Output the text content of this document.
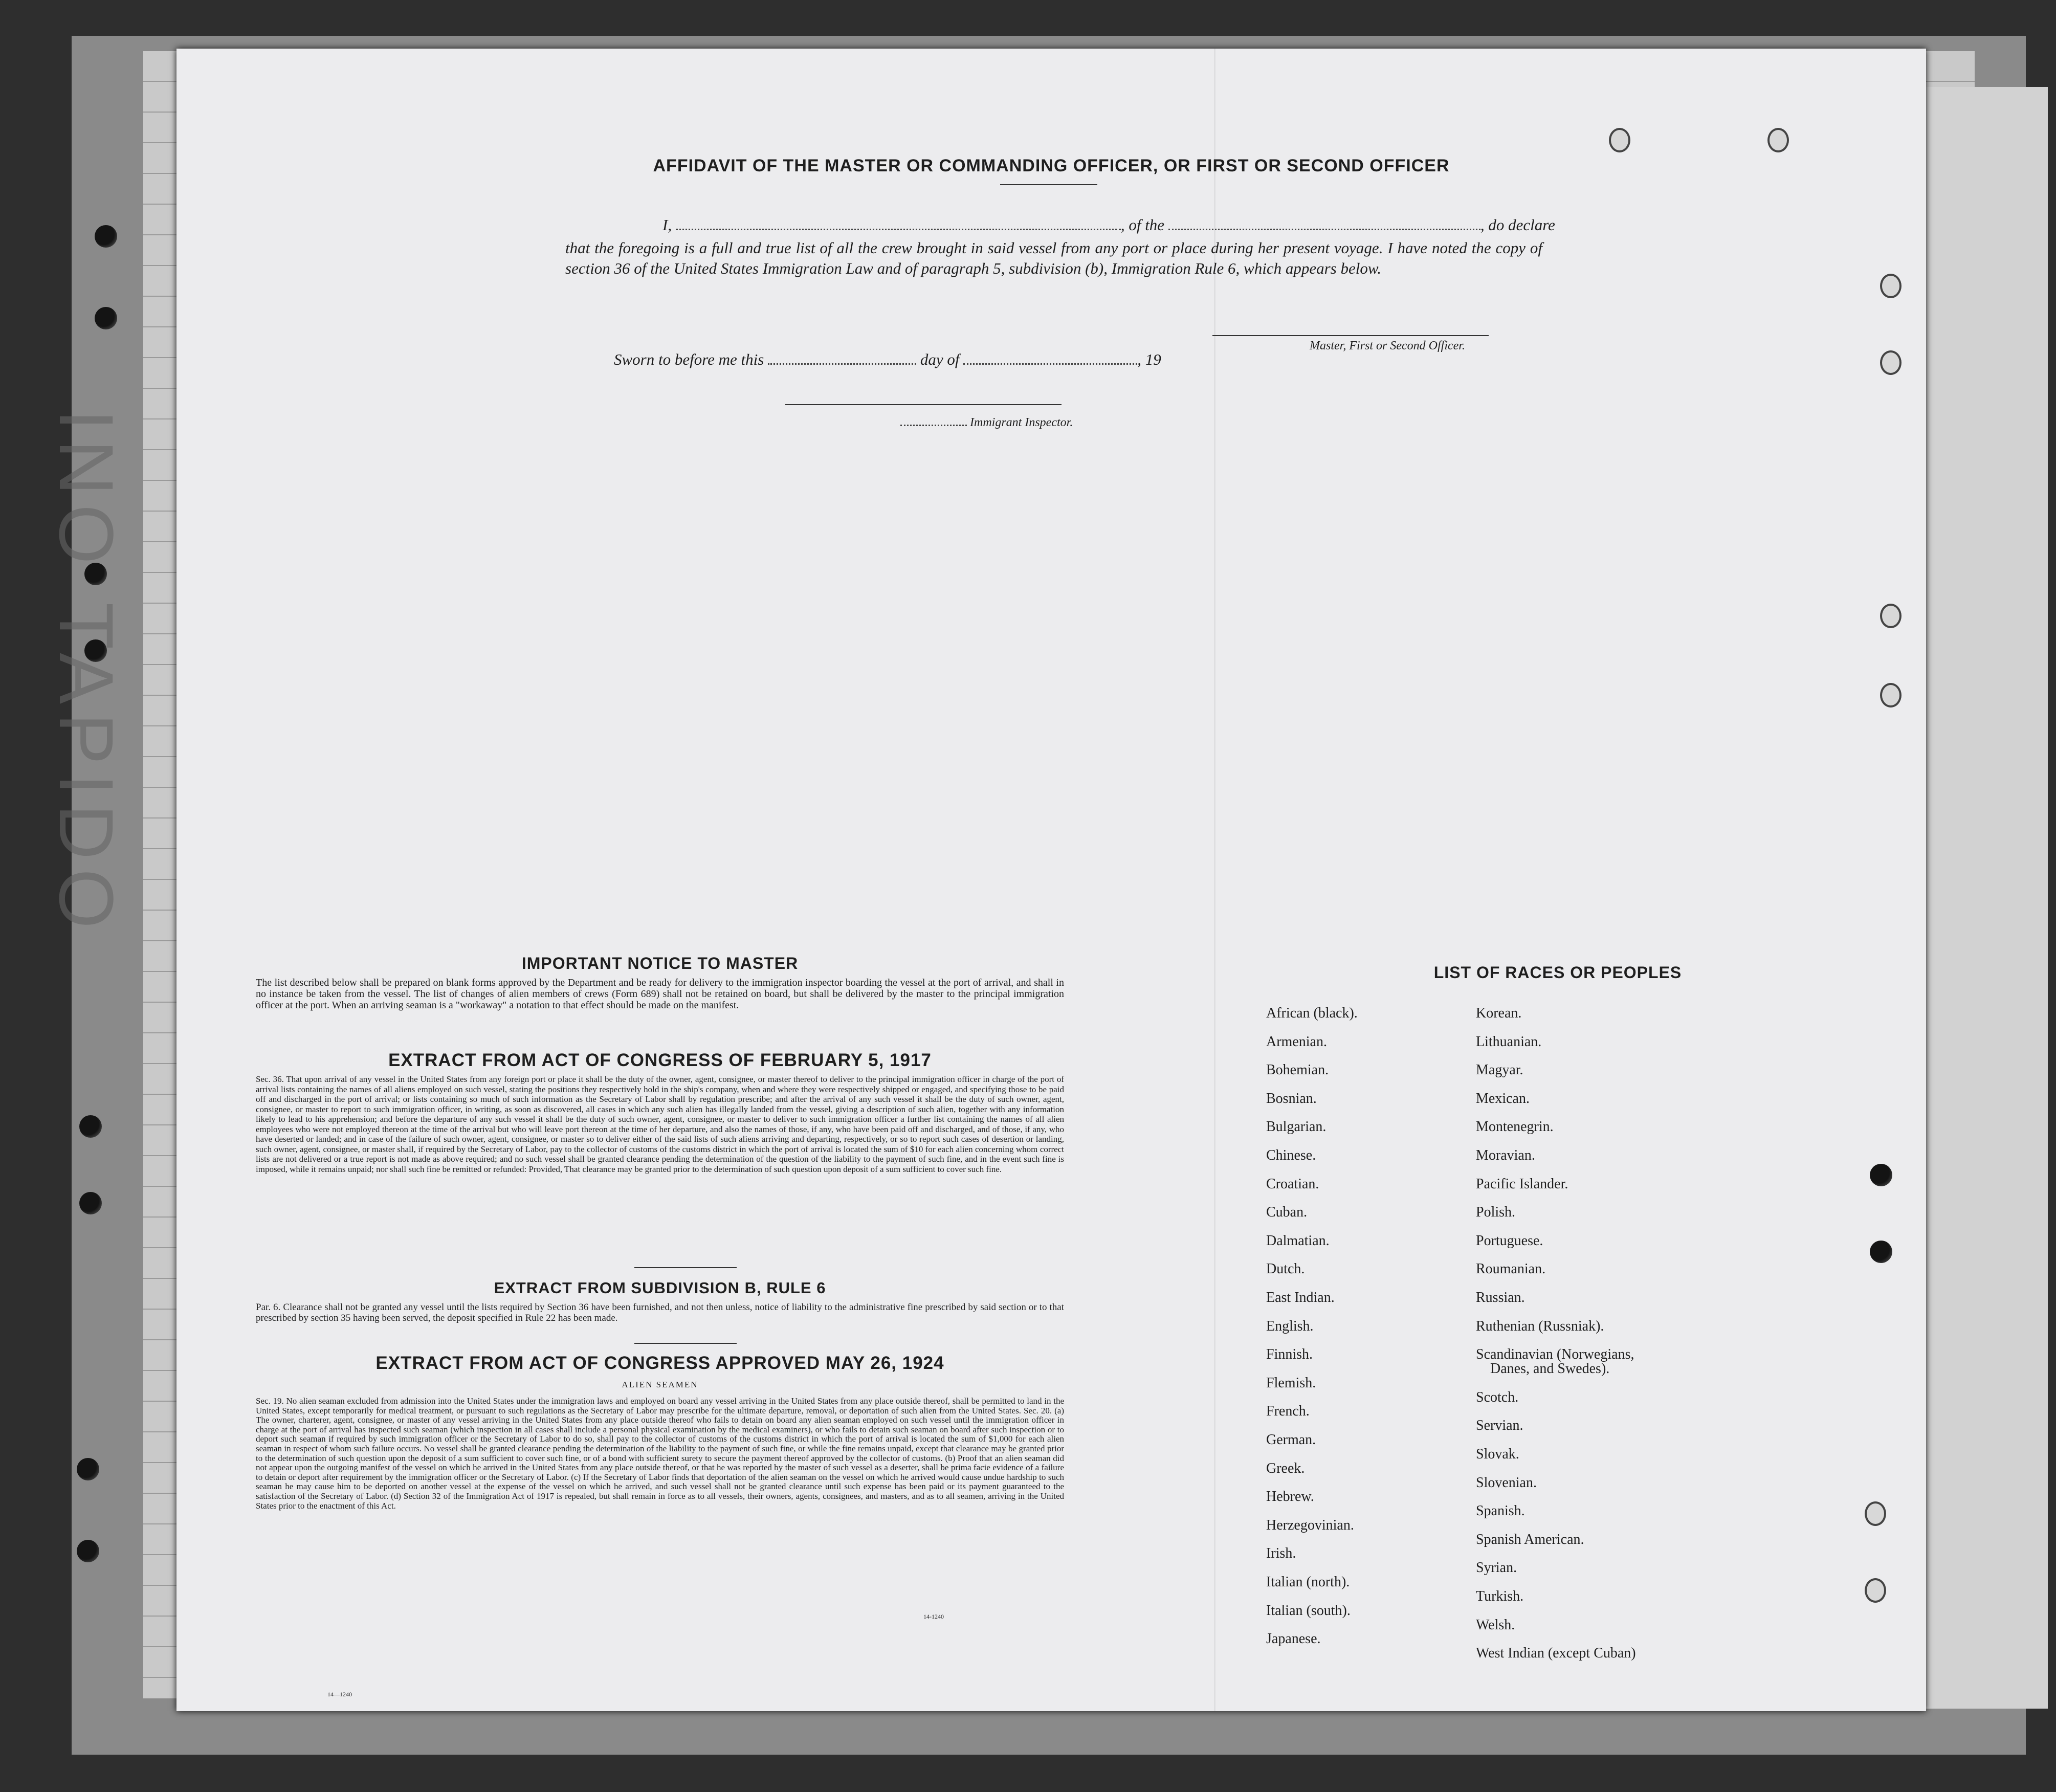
INO TAPIDO
AFFIDAVIT OF THE MASTER OR COMMANDING OFFICER, OR FIRST OR SECOND OFFICER
I,	, of the	, do declare

that the foregoing is a full and true list of all the crew brought in said vessel from any port or place during her present voyage. I have noted the copy of section 36 of the United States Immigration Law and of paragraph 5, subdivision (b), Immigration Rule 6, which appears below.

Master, First or Second Officer.
Sworn to before me this	day of	, 19
Immigrant Inspector.
IMPORTANT NOTICE TO MASTER

The list described below shall be prepared on blank forms approved by the Department and be ready for delivery to the immigration inspector boarding the vessel at the port of arrival, and shall in no instance be taken from the vessel. The list of changes of alien members of crews (Form 689) shall not be retained on board, but shall be delivered by the master to the principal immigration officer at the port. When an arriving seaman is a "workaway" a notation to that effect should be made on the manifest.

EXTRACT FROM ACT OF CONGRESS OF FEBRUARY 5, 1917

Sec. 36. That upon arrival of any vessel in the United States from any foreign port or place it shall be the duty of the owner, agent, consignee, or master thereof to deliver to the principal immigration officer in charge of the port of arrival lists containing the names of all aliens employed on such vessel, stating the positions they respectively hold in the ship's company, when and where they were respectively shipped or engaged, and specifying those to be paid off and discharged in the port of arrival; or lists containing so much of such information as the Secretary of Labor shall by regulation prescribe; and after the arrival of any such vessel it shall be the duty of such owner, agent, consignee, or master to report to such immigration officer, in writing, as soon as discovered, all cases in which any such alien has illegally landed from the vessel, giving a description of such alien, together with any information likely to lead to his apprehension; and before the departure of any such vessel it shall be the duty of such owner, agent, consignee, or master to deliver to such immigration officer a further list containing the names of all alien employees who were not employed thereon at the time of the arrival but who will leave port thereon at the time of her departure, and also the names of those, if any, who have been paid off and discharged, and of those, if any, who have deserted or landed; and in case of the failure of such owner, agent, consignee, or master so to deliver either of the said lists of such aliens arriving and departing, respectively, or so to report such cases of desertion or landing, such owner, agent, consignee, or master shall, if required by the Secretary of Labor, pay to the collector of customs of the customs district in which the port of arrival is located the sum of $10 for each alien concerning whom correct lists are not delivered or a true report is not made as above required; and no such vessel shall be granted clearance pending the determination of the question of the liability to the payment of such fine, and in the event such fine is imposed, while it remains unpaid; nor shall such fine be remitted or refunded: Provided, That clearance may be granted prior to the determination of such question upon deposit of a sum sufficient to cover such fine.

EXTRACT FROM SUBDIVISION B, RULE 6

Par. 6. Clearance shall not be granted any vessel until the lists required by Section 36 have been furnished, and not then unless, notice of liability to the administrative fine prescribed by said section or to that prescribed by section 35 having been served, the deposit specified in Rule 22 has been made.

EXTRACT FROM ACT OF CONGRESS APPROVED MAY 26, 1924
ALIEN SEAMEN

Sec. 19. No alien seaman excluded from admission into the United States under the immigration laws and employed on board any vessel arriving in the United States from any place outside thereof, shall be permitted to land in the United States, except temporarily for medical treatment, or pursuant to such regulations as the Secretary of Labor may prescribe for the ultimate departure, removal, or deportation of such alien from the United States. Sec. 20. (a) The owner, charterer, agent, consignee, or master of any vessel arriving in the United States from any place outside thereof who fails to detain on board any alien seaman employed on such vessel until the immigration officer in charge at the port of arrival has inspected such seaman (which inspection in all cases shall include a personal physical examination by the medical examiners), or who fails to detain such seaman on board after such inspection or to deport such seaman if required by such immigration officer or the Secretary of Labor to do so, shall pay to the collector of customs of the customs district in which the port of arrival is located the sum of $1,000 for each alien seaman in respect of whom such failure occurs. No vessel shall be granted clearance pending the determination of the liability to the payment of such fine, or while the fine remains unpaid, except that clearance may be granted prior to the determination of such question upon the deposit of a sum sufficient to cover such fine, or of a bond with sufficient surety to secure the payment thereof approved by the collector of customs. (b) Proof that an alien seaman did not appear upon the outgoing manifest of the vessel on which he arrived in the United States from any place outside thereof, or that he was reported by the master of such vessel as a deserter, shall be prima facie evidence of a failure to detain or deport after requirement by the immigration officer or the Secretary of Labor. (c) If the Secretary of Labor finds that deportation of the alien seaman on the vessel on which he arrived would cause undue hardship to such seaman he may cause him to be deported on another vessel at the expense of the vessel on which he arrived, and such vessel shall not be granted clearance until such expense has been paid or its payment guaranteed to the satisfaction of the Secretary of Labor. (d) Section 32 of the Immigration Act of 1917 is repealed, but shall remain in force as to all vessels, their owners, agents, consignees, and masters, and as to all seamen, arriving in the United States prior to the enactment of this Act.

14-1240
LIST OF RACES OR PEOPLES
14—1240
African (black).
Armenian.
Bohemian.
Bosnian.
Bulgarian.
Chinese.
Croatian.
Cuban.
Dalmatian.
Dutch.
East Indian.
English.
Finnish.
Flemish.
French.
German.
Greek.
Hebrew.
Herzegovinian.
Irish.
Italian (north).
Italian (south).
Japanese.
Korean.
Lithuanian.
Magyar.
Mexican.
Montenegrin.
Moravian.
Pacific Islander.
Polish.
Portuguese.
Roumanian.
Russian.
Ruthenian (Russniak).
Scandinavian (Norwegians,
Danes, and Swedes).
Scotch.
Servian.
Slovak.
Slovenian.
Spanish.
Spanish American.
Syrian.
Turkish.
Welsh.
West Indian (except Cuban)
